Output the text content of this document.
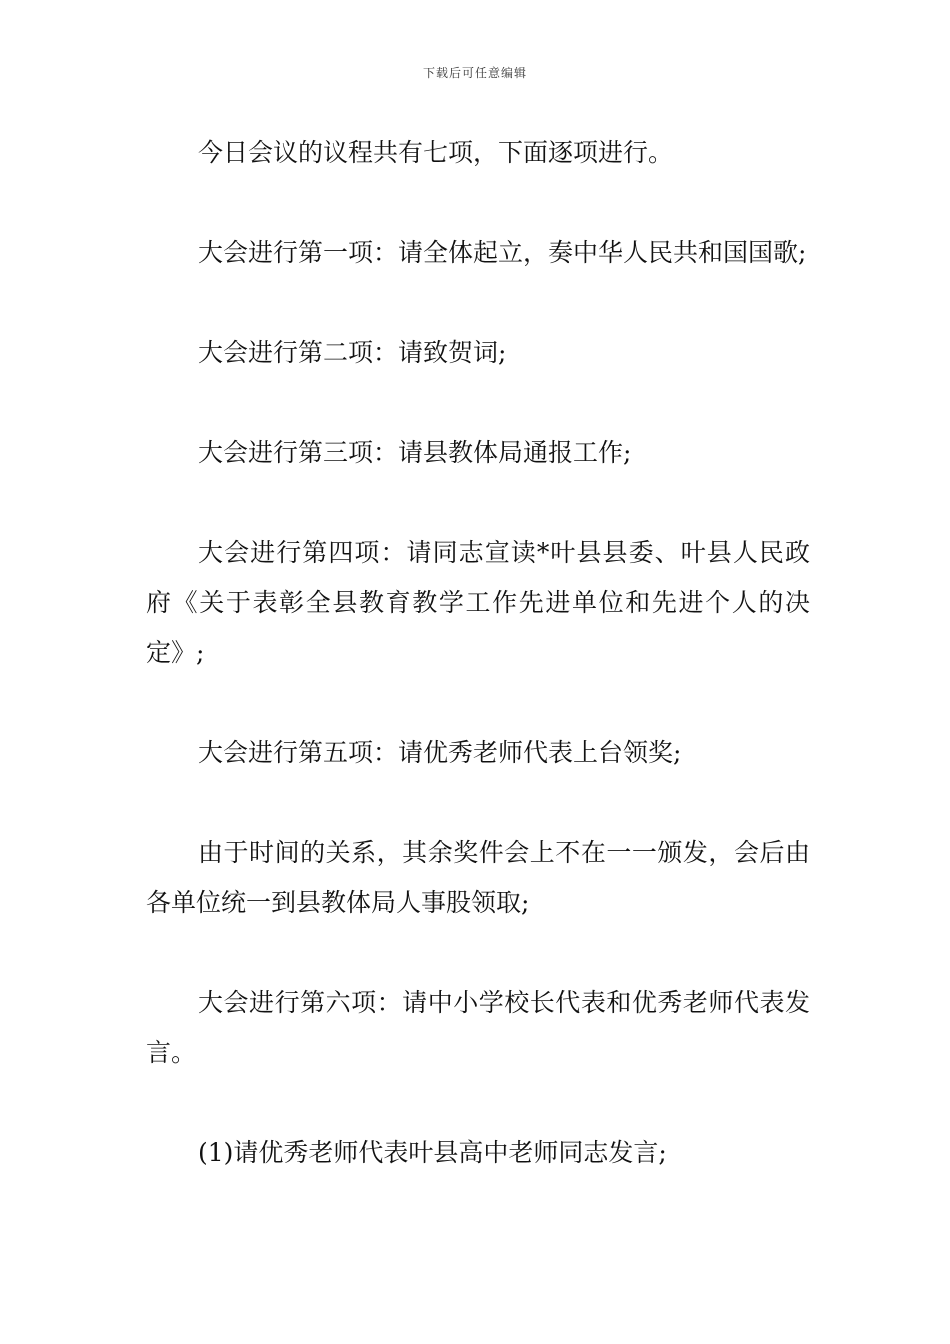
下载后可任意编辑

今日会议的议程共有七项，下面逐项进行。

大会进行第一项：请全体起立，奏中华人民共和国国歌;

大会进行第二项：请致贺词;

大会进行第三项：请县教体局通报工作;

大会进行第四项：请同志宣读*叶县县委、叶县人民政府《关于表彰全县教育教学工作先进单位和先进个人的决定》;

大会进行第五项：请优秀老师代表上台领奖;

由于时间的关系，其余奖件会上不在一一颁发，会后由各单位统一到县教体局人事股领取;

大会进行第六项：请中小学校长代表和优秀老师代表发言。

(1)请优秀老师代表叶县高中老师同志发言;
